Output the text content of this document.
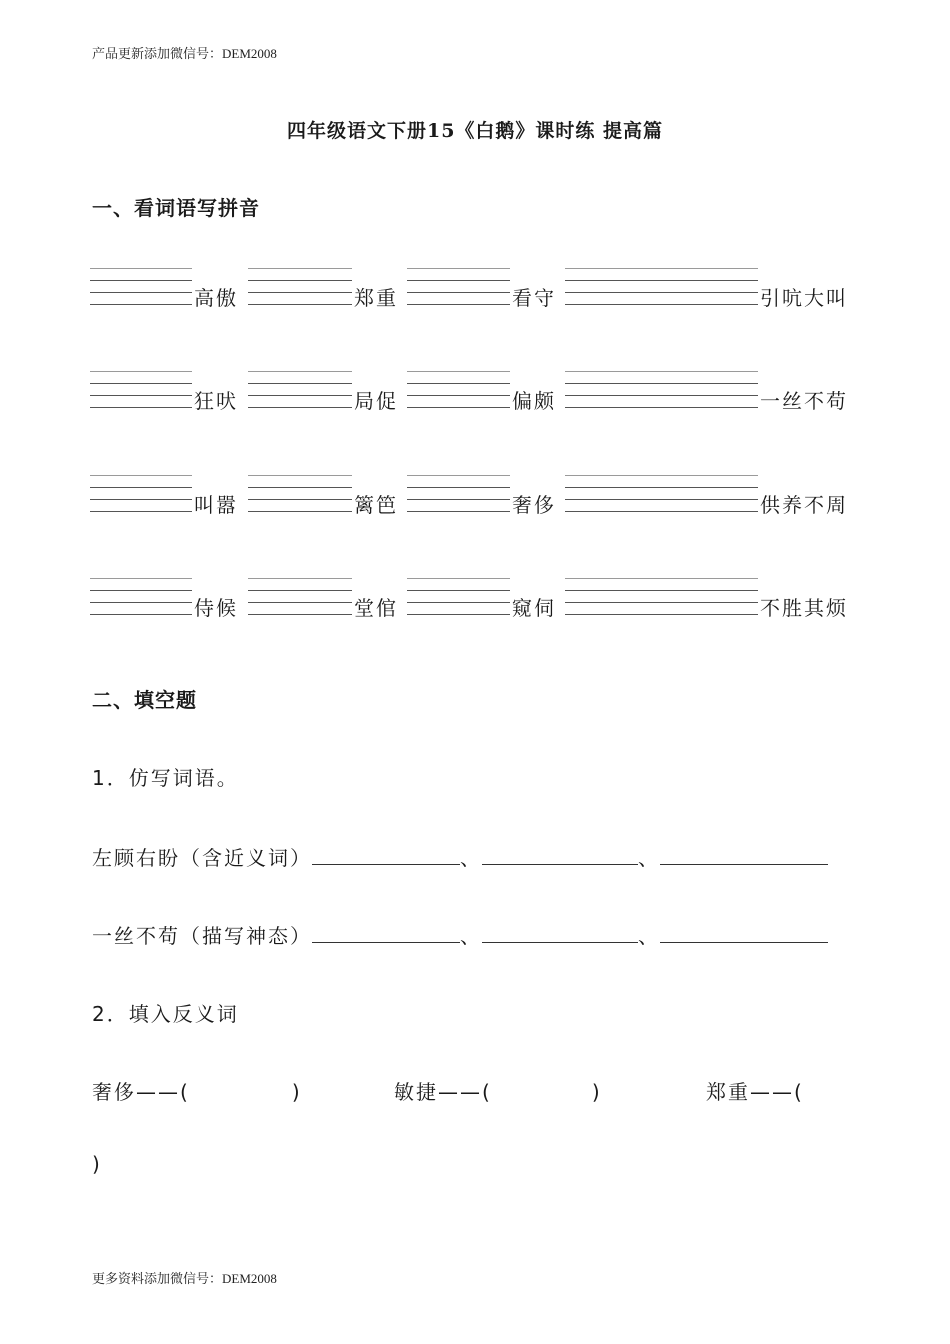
产品更新添加微信号：DEM2008
四年级语文下册15《白鹅》课时练 提高篇
一、看词语写拼音
高傲	郑重	看守	引吭大叫
狂吠	局促	偏颇	一丝不苟
叫嚣	篱笆	奢侈	供养不周
侍候	堂倌	窥伺	不胜其烦
二、填空题
1．仿写词语。
左顾右盼（含近义词）	、	、
一丝不苟（描写神态）	、	、
2．填入反义词
奢侈——(	)	敏捷——(	)	郑重——(
)
更多资料添加微信号：DEM2008
